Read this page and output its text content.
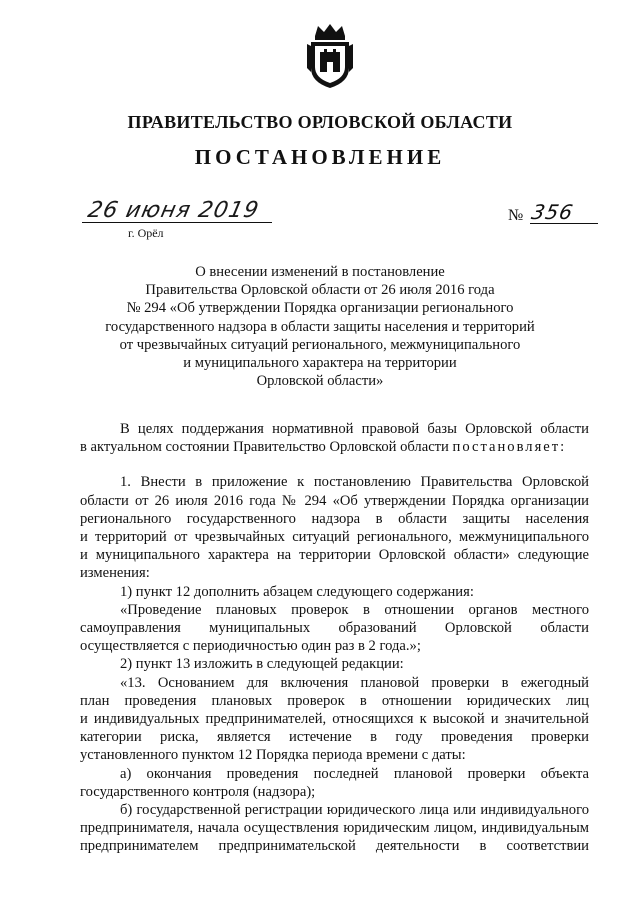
ПРАВИТЕЛЬСТВО ОРЛОВСКОЙ ОБЛАСТИ
ПОСТАНОВЛЕНИЕ
26 июня 2019
г. Орёл
№ 356
О внесении изменений в постановление
Правительства Орловской области от 26 июля 2016 года
№ 294 «Об утверждении Порядка организации регионального
государственного надзора в области защиты населения и территорий
от чрезвычайных ситуаций регионального, межмуниципального
и муниципального характера на территории
Орловской области»
В целях поддержания нормативной правовой базы Орловской области
в актуальном состоянии Правительство Орловской области постановляет:
1. Внести в приложение к постановлению Правительства Орловской
области от 26 июля 2016 года № 294 «Об утверждении Порядка организации
регионального государственного надзора в области защиты населения
и территорий от чрезвычайных ситуаций регионального, межмуниципального
и муниципального характера на территории Орловской области» следующие
изменения:
1) пункт 12 дополнить абзацем следующего содержания:
«Проведение плановых проверок в отношении органов местного
самоуправления муниципальных образований Орловской области
осуществляется с периодичностью один раз в 2 года.»;
2) пункт 13 изложить в следующей редакции:
«13. Основанием для включения плановой проверки в ежегодный
план проведения плановых проверок в отношении юридических лиц
и индивидуальных предпринимателей, относящихся к высокой и значительной
категории риска, является истечение в году проведения проверки
установленного пунктом 12 Порядка периода времени с даты:
а) окончания проведения последней плановой проверки объекта
государственного контроля (надзора);
б) государственной регистрации юридического лица или индивидуального
предпринимателя, начала осуществления юридическим лицом, индивидуальным
предпринимателем предпринимательской деятельности в соответствии
